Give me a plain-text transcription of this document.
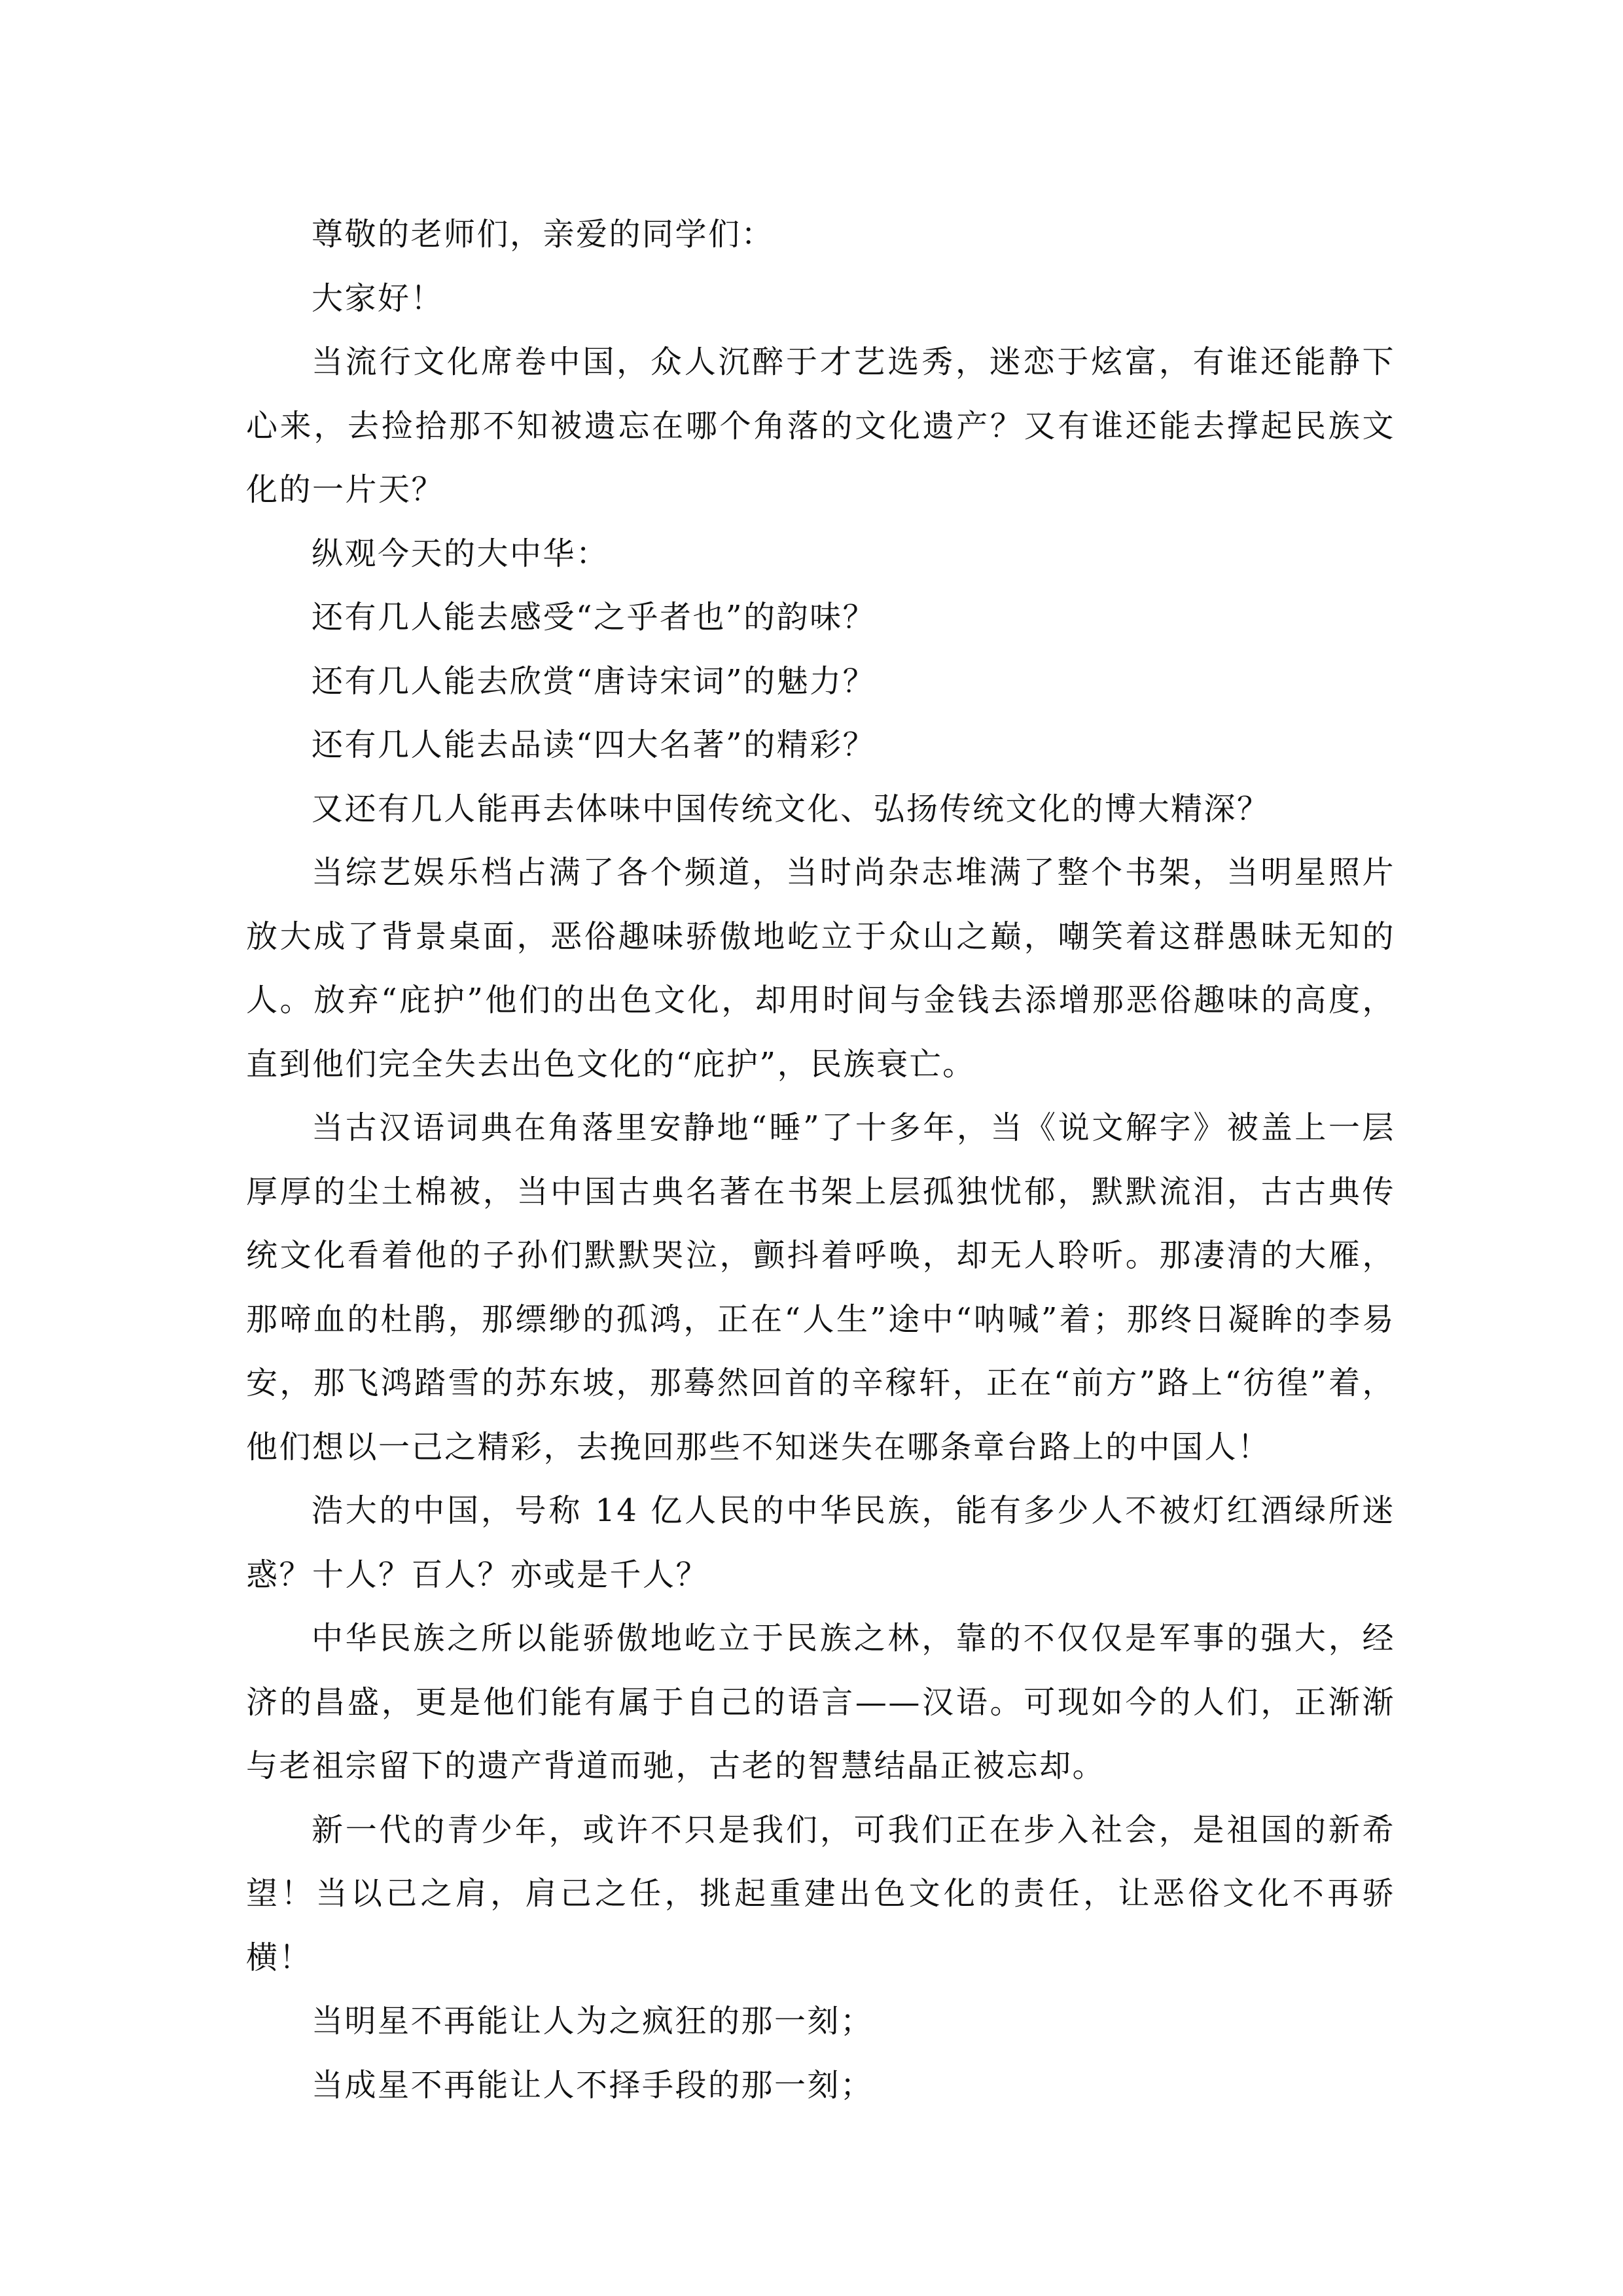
尊敬的老师们，亲爱的同学们：

大家好！

当流行文化席卷中国，众人沉醉于才艺选秀，迷恋于炫富，有谁还能静下心来，去捡拾那不知被遗忘在哪个角落的文化遗产？又有谁还能去撑起民族文化的一片天？

纵观今天的大中华：

还有几人能去感受“之乎者也”的韵味？

还有几人能去欣赏“唐诗宋词”的魅力？

还有几人能去品读“四大名著”的精彩？

又还有几人能再去体味中国传统文化、弘扬传统文化的博大精深？

当综艺娱乐档占满了各个频道，当时尚杂志堆满了整个书架，当明星照片放大成了背景桌面，恶俗趣味骄傲地屹立于众山之巅，嘲笑着这群愚昧无知的人。放弃“庇护”他们的出色文化，却用时间与金钱去添增那恶俗趣味的高度，直到他们完全失去出色文化的“庇护”，民族衰亡。

当古汉语词典在角落里安静地“睡”了十多年，当《说文解字》被盖上一层厚厚的尘土棉被，当中国古典名著在书架上层孤独忧郁，默默流泪，古古典传统文化看着他的子孙们默默哭泣，颤抖着呼唤，却无人聆听。那凄清的大雁，那啼血的杜鹃，那缥缈的孤鸿，正在“人生”途中“呐喊”着；那终日凝眸的李易安，那飞鸿踏雪的苏东坡，那蓦然回首的辛稼轩，正在“前方”路上“彷徨”着，他们想以一己之精彩，去挽回那些不知迷失在哪条章台路上的中国人！

浩大的中国，号称 14 亿人民的中华民族，能有多少人不被灯红酒绿所迷惑？十人？百人？亦或是千人？

中华民族之所以能骄傲地屹立于民族之林，靠的不仅仅是军事的强大，经济的昌盛，更是他们能有属于自己的语言——汉语。可现如今的人们，正渐渐与老祖宗留下的遗产背道而驰，古老的智慧结晶正被忘却。

新一代的青少年，或许不只是我们，可我们正在步入社会，是祖国的新希望！当以己之肩，肩己之任，挑起重建出色文化的责任，让恶俗文化不再骄横！

当明星不再能让人为之疯狂的那一刻；

当成星不再能让人不择手段的那一刻；
